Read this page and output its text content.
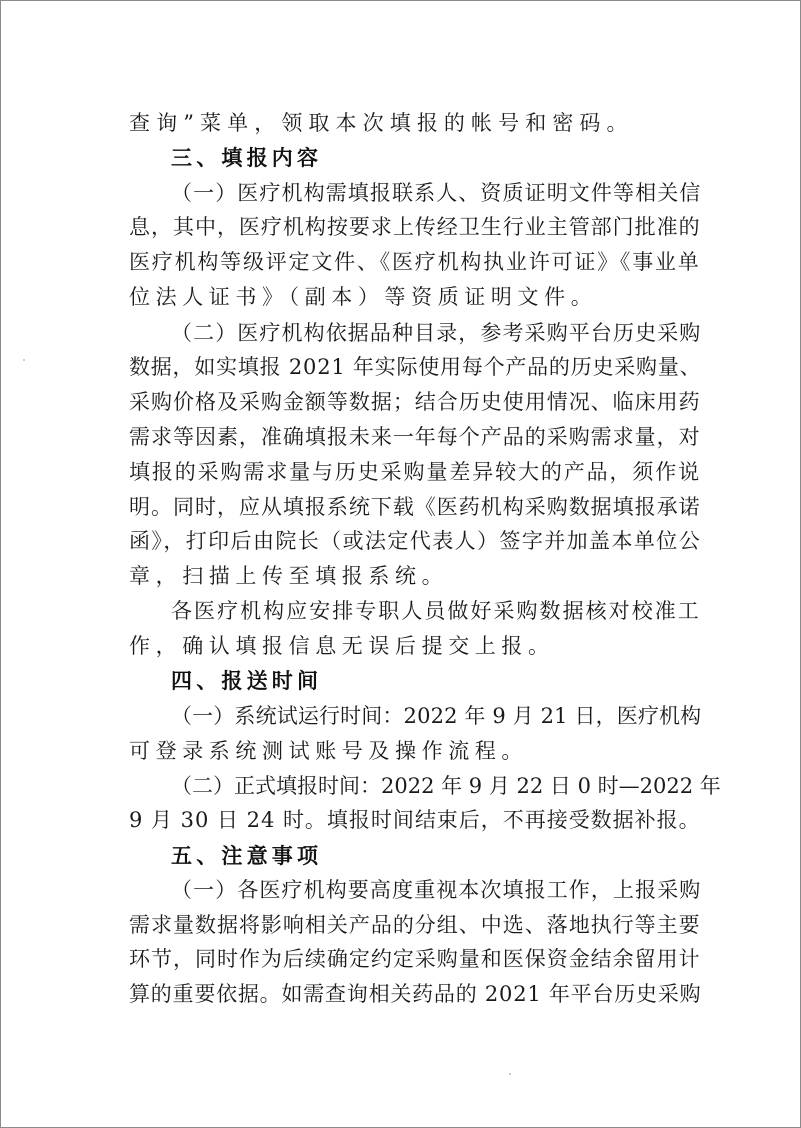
查询”菜单，领取本次填报的帐号和密码。
三、填报内容
（一）医疗机构需填报联系人、资质证明文件等相关信
息，其中，医疗机构按要求上传经卫生行业主管部门批准的
医疗机构等级评定文件、《医疗机构执业许可证》《事业单
位法人证书》（副本）等资质证明文件。
（二）医疗机构依据品种目录，参考采购平台历史采购
数据，如实填报 2021 年实际使用每个产品的历史采购量、
采购价格及采购金额等数据；结合历史使用情况、临床用药
需求等因素，准确填报未来一年每个产品的采购需求量，对
填报的采购需求量与历史采购量差异较大的产品，须作说
明。同时，应从填报系统下载《医药机构采购数据填报承诺
函》，打印后由院长（或法定代表人）签字并加盖本单位公
章，扫描上传至填报系统。
各医疗机构应安排专职人员做好采购数据核对校准工
作，确认填报信息无误后提交上报。
四、报送时间
（一）系统试运行时间：2022 年 9 月 21 日，医疗机构
可登录系统测试账号及操作流程。
（二）正式填报时间：2022 年 9 月 22 日 0 时—2022 年
9 月 30 日 24 时。填报时间结束后，不再接受数据补报。
五、注意事项
（一）各医疗机构要高度重视本次填报工作，上报采购
需求量数据将影响相关产品的分组、中选、落地执行等主要
环节，同时作为后续确定约定采购量和医保资金结余留用计
算的重要依据。如需查询相关药品的 2021 年平台历史采购
